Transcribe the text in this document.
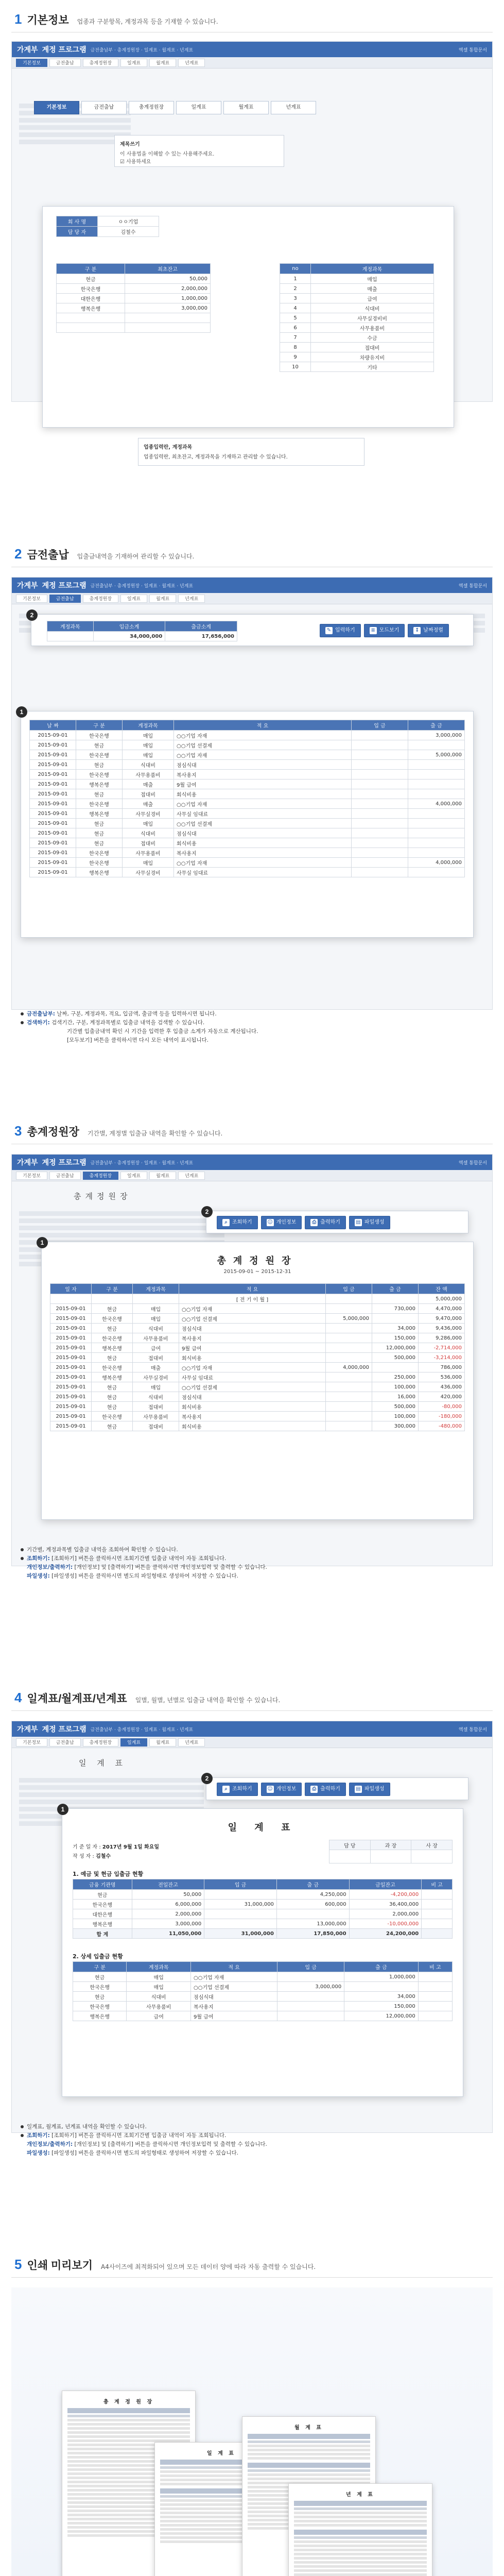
1 기본정보 업종과 구분항목, 계정과목 등을 기재할 수 있습니다.
가계부 계정 프로그램 금전출납부 · 총계정원장 · 일계표 · 월계표 · 년계표	엑셀 통합문서
기본정보	금전출납	총계정원장	일계표	월계표	년계표
기본정보	금전출납	총계정원장	일계표	월계표	년계표
제목쓰기
이 사용법을 이해할 수 있는 사용해주세요.
☑ 사용하세요
회 사 명	ㅇㅇ기업
담 당 자	김철수
구 분	최초잔고
현금	50,000
한국은행	2,000,000
대한은행	1,000,000
행복은행	3,000,000

no	계정과목
1	매입
2	매출
3	급여
4	식대비
5	사무실경비비
6	사무용품비
7	수금
8	접대비
9	차량유지비
10	기타
업종입력란, 계정과목
업종입력란, 최초잔고, 계정과목을 기재하고 관리할 수 있습니다.
2 금전출납 입출금내역을 기재하여 관리할 수 있습니다.
가계부 계정 프로그램 금전출납부 · 총계정원장 · 일계표 · 월계표 · 년계표	엑셀 통합문서
기본정보	금전출납	총계정원장	일계표	월계표	년계표
2
계정과목	입금소계	출금소계
	34,000,000	17,656,000
✎ 입력하기	≡ 모드보기	↕ 날짜정렬
1
날 짜	구 분	계정과목	적 요	입 금	출 금
2015-09-01	한국은행	매입	○○기업 자재		3,000,000
2015-09-01	현금	매입	○○기업 선결제		
2015-09-01	한국은행	매입	○○기업 자재		5,000,000
2015-09-01	현금	식대비	점심식대		
2015-09-01	한국은행	사무용품비	복사용지		
2015-09-01	행복은행	매출	9월 급여		
2015-09-01	현금	접대비	회식비용		
2015-09-01	한국은행	매출	○○기업 자재		4,000,000
2015-09-01	행복은행	사무실경비	사무실 임대료		
2015-09-01	현금	매입	○○기업 선결제		
2015-09-01	현금	식대비	점심식대		
2015-09-01	현금	접대비	회식비용		
2015-09-01	한국은행	사무용품비	복사용지		
2015-09-01	한국은행	매입	○○기업 자재		4,000,000
2015-09-01	행복은행	사무실경비	사무실 임대료		
금전출납부: 날짜, 구분, 계정과목, 적요, 입금액, 출금액 등을 입력하시면 됩니다.
검색하기: 검색기간, 구분, 계정과목별로 입출금 내역을 검색할 수 있습니다.
기간별 입출금내역 확인 시 기간을 입력한 후 입출금 소계가 자동으로 계산됩니다.
[모두보기] 버튼을 클릭하시면 다시 모든 내역이 표시됩니다.
3 총계정원장 기간별, 계정별 입출금 내역을 확인할 수 있습니다.
가계부 계정 프로그램 금전출납부 · 총계정원장 · 일계표 · 월계표 · 년계표	엑셀 통합문서
기본정보	금전출납	총계정원장	일계표	월계표	년계표
총계정원장
2
⌕ 조회하기	☺ 개인정보	⎙ 출력하기	▤ 파일생성
1
총계정원장
2015-09-01 ~ 2015-12-31
일 자	구 분	계정과목	적 요	입 금	출 금	잔 액
			[ 전 기 이 월 ]			5,000,000
2015-09-01	현금	매입	○○기업 자재		730,000	4,470,000
2015-09-01	한국은행	매입	○○기업 선결제	5,000,000		9,470,000
2015-09-01	현금	식대비	점심식대		34,000	9,436,000
2015-09-01	한국은행	사무용품비	복사용지		150,000	9,286,000
2015-09-01	행복은행	급여	9월 급여		12,000,000	-2,714,000
2015-09-01	현금	접대비	회식비용		500,000	-3,214,000
2015-09-01	한국은행	매출	○○기업 자재	4,000,000		786,000
2015-09-01	행복은행	사무실경비	사무실 임대료		250,000	536,000
2015-09-01	현금	매입	○○기업 선결제		100,000	436,000
2015-09-01	현금	식대비	점심식대		16,000	420,000
2015-09-01	현금	접대비	회식비용		500,000	-80,000
2015-09-01	한국은행	사무용품비	복사용지		100,000	-180,000
2015-09-01	현금	접대비	회식비용		300,000	-480,000
기간별, 계정과목별 입출금 내역을 조회하여 확인할 수 있습니다.
조회하기: [조회하기] 버튼을 클릭하시면 조회기간별 입출금 내역이 자동 조회됩니다.
개인정보/출력하기: [개인정보] 및 [출력하기] 버튼을 클릭하시면 개인정보입력 및 출력할 수 있습니다.
파일생성: [파일생성] 버튼을 클릭하시면 별도의 파일형태로 생성하여 저장할 수 있습니다.
4 일계표/월계표/년계표 일별, 월별, 년별로 입출금 내역을 확인할 수 있습니다.
가계부 계정 프로그램 금전출납부 · 총계정원장 · 일계표 · 월계표 · 년계표	엑셀 통합문서
기본정보	금전출납	총계정원장	일계표	월계표	년계표
일 계 표
2
⌕ 조회하기	☺ 개인정보	⎙ 출력하기	▤ 파일생성
1
일 계 표
기 준 일 자 : 2017년 9월 1일 화요일
작 성 자 : 김철수
담 당	과 장	사 장

1. 예금 및 현금 입출금 현황
금융 기관명	전일잔고	입 금	출 금	금일잔고	비 고
현금	50,000		4,250,000	-4,200,000	
한국은행	6,000,000	31,000,000	600,000	36,400,000	
대한은행	2,000,000			2,000,000	
행복은행	3,000,000		13,000,000	-10,000,000	
합 계	11,050,000	31,000,000	17,850,000	24,200,000	
2. 상세 입출금 현황
구 분	계정과목	적 요	입 금	출 금	비 고
현금	매입	○○기업 자재		1,000,000	
한국은행	매입	○○기업 선결제	3,000,000		
현금	식대비	점심식대		34,000	
한국은행	사무용품비	복사용지		150,000	
행복은행	급여	9월 급여		12,000,000	
일계표, 월계표, 년계표 내역을 확인할 수 있습니다.
조회하기: [조회하기] 버튼을 클릭하시면 조회기간별 입출금 내역이 자동 조회됩니다.
개인정보/출력하기: [개인정보] 및 [출력하기] 버튼을 클릭하시면 개인정보입력 및 출력할 수 있습니다.
파일생성: [파일생성] 버튼을 클릭하시면 별도의 파일형태로 생성하여 저장할 수 있습니다.
5 인쇄 미리보기 A4사이즈에 최적화되어 있으며 모든 데이터 양에 따라 자동 출력할 수 있습니다.
총 계 정 원 장
일 계 표
월 계 표
년 계 표
